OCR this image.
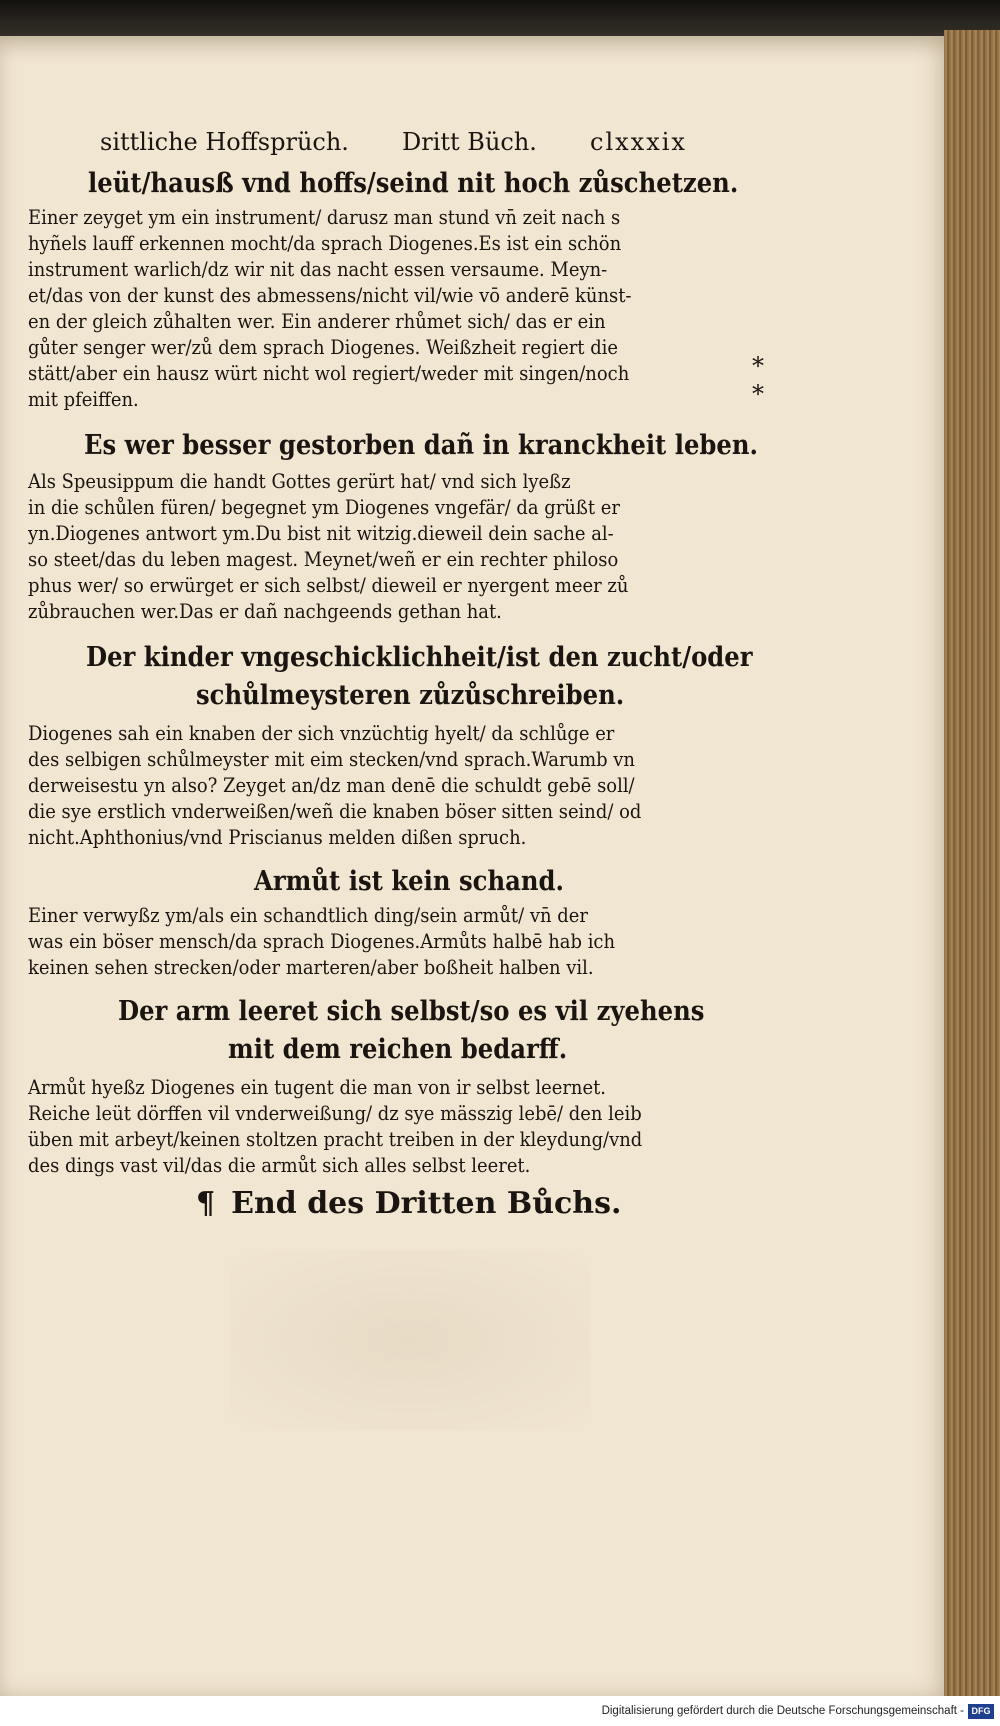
sittliche Hoffsprüch. Dritt Büch. clxxxix
leüt/hausß vnd hoffs/seind nit hoch zůschetzen.
Einer zeyget ym ein instrument/ darusz man stund vn̄ zeit nach s
hyñels lauff erkennen mocht/da sprach Diogenes.Es ist ein schön
instrument warlich/dz wir nit das nacht essen versaume. Meyn-
et/das von der kunst des abmessens/nicht vil/wie vō anderē künst-
en der gleich zůhalten wer. Ein anderer rhůmet sich/ das er ein
gůter senger wer/zů dem sprach Diogenes. Weißzheit regiert die
stätt/aber ein hausz würt nicht wol regiert/weder mit singen/noch
mit pfeiffen.
*
*
Es wer besser gestorben dañ in kranckheit leben.
Als Speusippum die handt Gottes gerürt hat/ vnd sich lyeßz
in die schůlen füren/ begegnet ym Diogenes vngefär/ da grüßt er
yn.Diogenes antwort ym.Du bist nit witzig.dieweil dein sache al-
so steet/das du leben magest. Meynet/weñ er ein rechter philoso
phus wer/ so erwürget er sich selbst/ dieweil er nyergent meer zů
zůbrauchen wer.Das er dañ nachgeends gethan hat.
Der kinder vngeschicklichheit/ist den zucht/oder
schůlmeysteren zůzůschreiben.
Diogenes sah ein knaben der sich vnzüchtig hyelt/ da schlůge er
des selbigen schůlmeyster mit eim stecken/vnd sprach.Warumb vn
derweisestu yn also? Zeyget an/dz man denē die schuldt gebē soll/
die sye erstlich vnderweißen/weñ die knaben böser sitten seind/ od
nicht.Aphthonius/vnd Priscianus melden dißen spruch.
Armůt ist kein schand.
Einer verwyßz ym/als ein schandtlich ding/sein armůt/ vn̄ der
was ein böser mensch/da sprach Diogenes.Armůts halbē hab ich
keinen sehen strecken/oder marteren/aber boßheit halben vil.
Der arm leeret sich selbst/so es vil zyehens
mit dem reichen bedarff.
Armůt hyeßz Diogenes ein tugent die man von ir selbst leernet.
Reiche leüt dörffen vil vnderweißung/ dz sye mässzig lebē/ den leib
üben mit arbeyt/keinen stoltzen pracht treiben in der kleydung/vnd
des dings vast vil/das die armůt sich alles selbst leeret.
¶ End des Dritten Bůchs.
Digitalisierung gefördert durch die Deutsche Forschungsgemeinschaft - DFG
